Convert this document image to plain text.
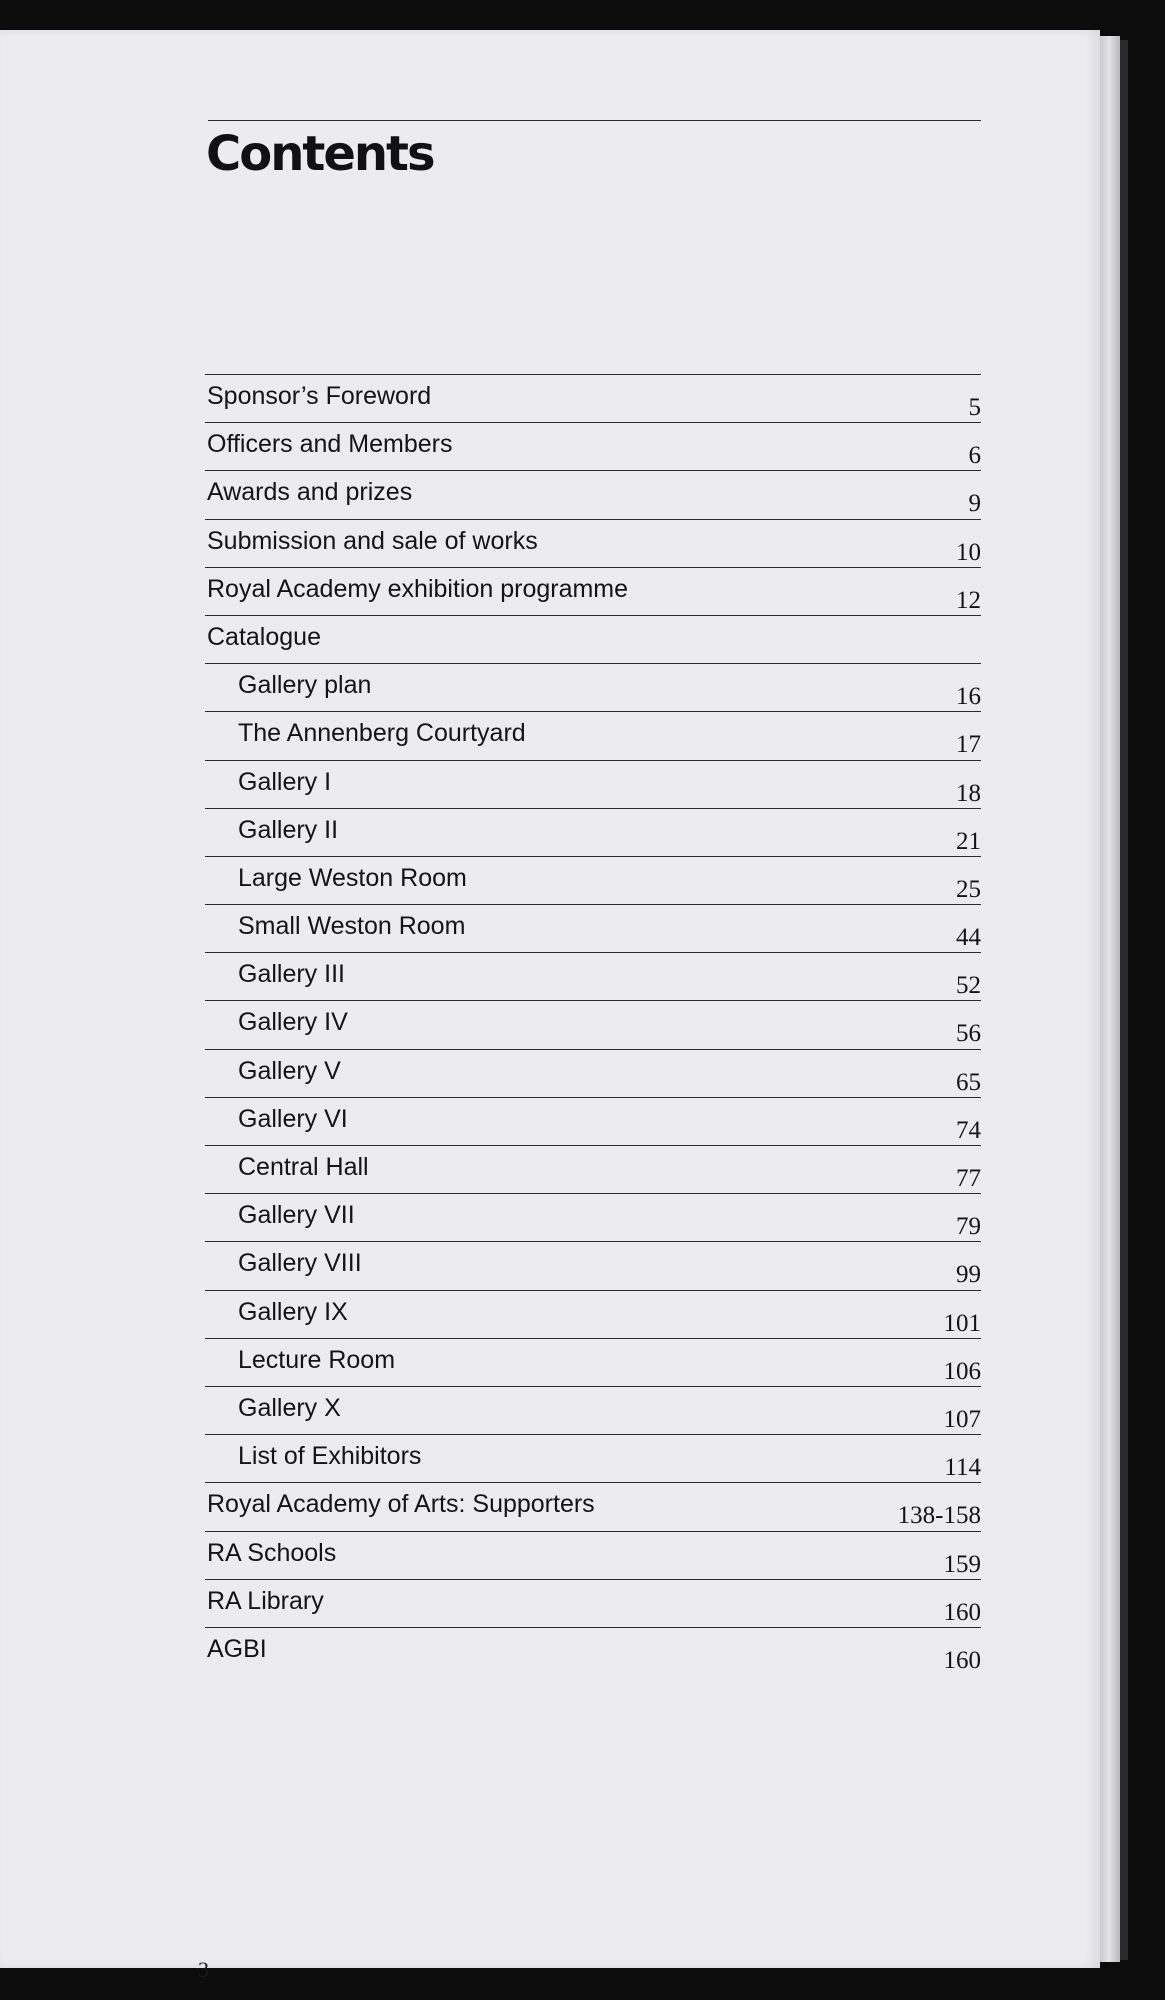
Contents
Sponsor’s Foreword	5
Officers and Members	6
Awards and prizes	9
Submission and sale of works	10
Royal Academy exhibition programme	12
Catalogue
Gallery plan	16
The Annenberg Courtyard	17
Gallery I	18
Gallery II	21
Large Weston Room	25
Small Weston Room	44
Gallery III	52
Gallery IV	56
Gallery V	65
Gallery VI	74
Central Hall	77
Gallery VII	79
Gallery VIII	99
Gallery IX	101
Lecture Room	106
Gallery X	107
List of Exhibitors	114
Royal Academy of Arts: Supporters	138-158
RA Schools	159
RA Library	160
AGBI	160

3
